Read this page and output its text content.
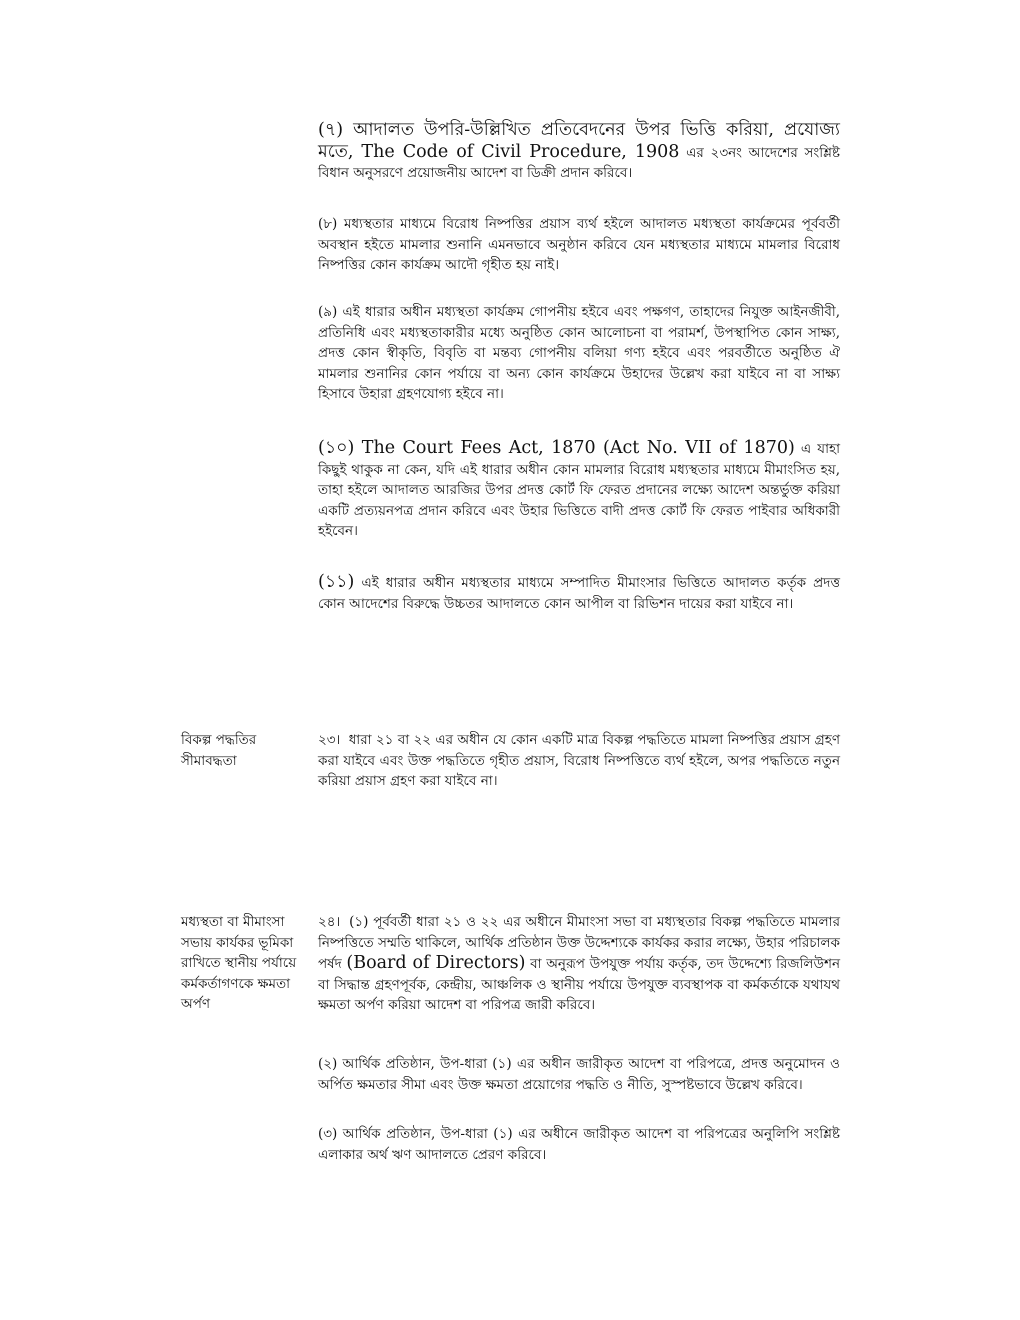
(৭) আদালত উপরি-উল্লিখিত প্রতিবেদনের উপর ভিত্তি করিয়া, প্রযোজ্য মতে, The Code of Civil Procedure, 1908 এর ২৩নং আদেশের সংশ্লিষ্ট বিধান অনুসরণে প্রয়োজনীয় আদেশ বা ডিক্রী প্রদান করিবে।

(৮) মধ্যস্থতার মাধ্যমে বিরোধ নিষ্পত্তির প্রয়াস ব্যর্থ হইলে আদালত মধ্যস্থতা কার্যক্রমের পূর্ববর্তী অবস্থান হইতে মামলার শুনানি এমনভাবে অনুষ্ঠান করিবে যেন মধ্যস্থতার মাধ্যমে মামলার বিরোধ নিষ্পত্তির কোন কার্যক্রম আদৌ গৃহীত হয় নাই।

(৯) এই ধারার অধীন মধ্যস্থতা কার্যক্রম গোপনীয় হইবে এবং পক্ষগণ, তাহাদের নিযুক্ত আইনজীবী, প্রতিনিধি এবং মধ্যস্থতাকারীর মধ্যে অনুষ্ঠিত কোন আলোচনা বা পরামর্শ, উপস্থাপিত কোন সাক্ষ্য, প্রদত্ত কোন স্বীকৃতি, বিবৃতি বা মন্তব্য গোপনীয় বলিয়া গণ্য হইবে এবং পরবর্তীতে অনুষ্ঠিত ঐ মামলার শুনানির কোন পর্যায়ে বা অন্য কোন কার্যক্রমে উহাদের উল্লেখ করা যাইবে না বা সাক্ষ্য হিসাবে উহারা গ্রহণযোগ্য হইবে না।

(১০) The Court Fees Act, 1870 (Act No. VII of 1870) এ যাহা কিছুই থাকুক না কেন, যদি এই ধারার অধীন কোন মামলার বিরোধ মধ্যস্থতার মাধ্যমে মীমাংসিত হয়, তাহা হইলে আদালত আরজির উপর প্রদত্ত কোর্ট ফি ফেরত প্রদানের লক্ষ্যে আদেশ অন্তর্ভুক্ত করিয়া একটি প্রত্যয়নপত্র প্রদান করিবে এবং উহার ভিত্তিতে বাদী প্রদত্ত কোর্ট ফি ফেরত পাইবার অধিকারী হইবেন।

(১১) এই ধারার অধীন মধ্যস্থতার মাধ্যমে সম্পাদিত মীমাংসার ভিত্তিতে আদালত কর্তৃক প্রদত্ত কোন আদেশের বিরুদ্ধে উচ্চতর আদালতে কোন আপীল বা রিভিশন দায়ের করা যাইবে না।

বিকল্প পদ্ধতির সীমাবদ্ধতা

২৩। ধারা ২১ বা ২২ এর অধীন যে কোন একটি মাত্র বিকল্প পদ্ধতিতে মামলা নিষ্পত্তির প্রয়াস গ্রহণ করা যাইবে এবং উক্ত পদ্ধতিতে গৃহীত প্রয়াস, বিরোধ নিষ্পত্তিতে ব্যর্থ হইলে, অপর পদ্ধতিতে নতুন করিয়া প্রয়াস গ্রহণ করা যাইবে না।

মধ্যস্থতা বা মীমাংসা সভায় কার্যকর ভূমিকা রাখিতে স্থানীয় পর্যায়ে কর্মকর্তাগণকে ক্ষমতা অর্পণ

২৪। (১) পূর্ববর্তী ধারা ২১ ও ২২ এর অধীনে মীমাংসা সভা বা মধ্যস্থতার বিকল্প পদ্ধতিতে মামলার নিষ্পত্তিতে সম্মতি থাকিলে, আর্থিক প্রতিষ্ঠান উক্ত উদ্দেশ্যকে কার্যকর করার লক্ষ্যে, উহার পরিচালক পর্ষদ (Board of Directors) বা অনুরূপ উপযুক্ত পর্যায় কর্তৃক, তদ উদ্দেশ্যে রিজলিউশন বা সিদ্ধান্ত গ্রহণপূর্বক, কেন্দ্রীয়, আঞ্চলিক ও স্থানীয় পর্যায়ে উপযুক্ত ব্যবস্থাপক বা কর্মকর্তাকে যথাযথ ক্ষমতা অর্পণ করিয়া আদেশ বা পরিপত্র জারী করিবে।

(২) আর্থিক প্রতিষ্ঠান, উপ-ধারা (১) এর অধীন জারীকৃত আদেশ বা পরিপত্রে, প্রদত্ত অনুমোদন ও অর্পিত ক্ষমতার সীমা এবং উক্ত ক্ষমতা প্রয়োগের পদ্ধতি ও নীতি, সুস্পষ্টভাবে উল্লেখ করিবে।

(৩) আর্থিক প্রতিষ্ঠান, উপ-ধারা (১) এর অধীনে জারীকৃত আদেশ বা পরিপত্রের অনুলিপি সংশ্লিষ্ট এলাকার অর্থ ঋণ আদালতে প্রেরণ করিবে।
